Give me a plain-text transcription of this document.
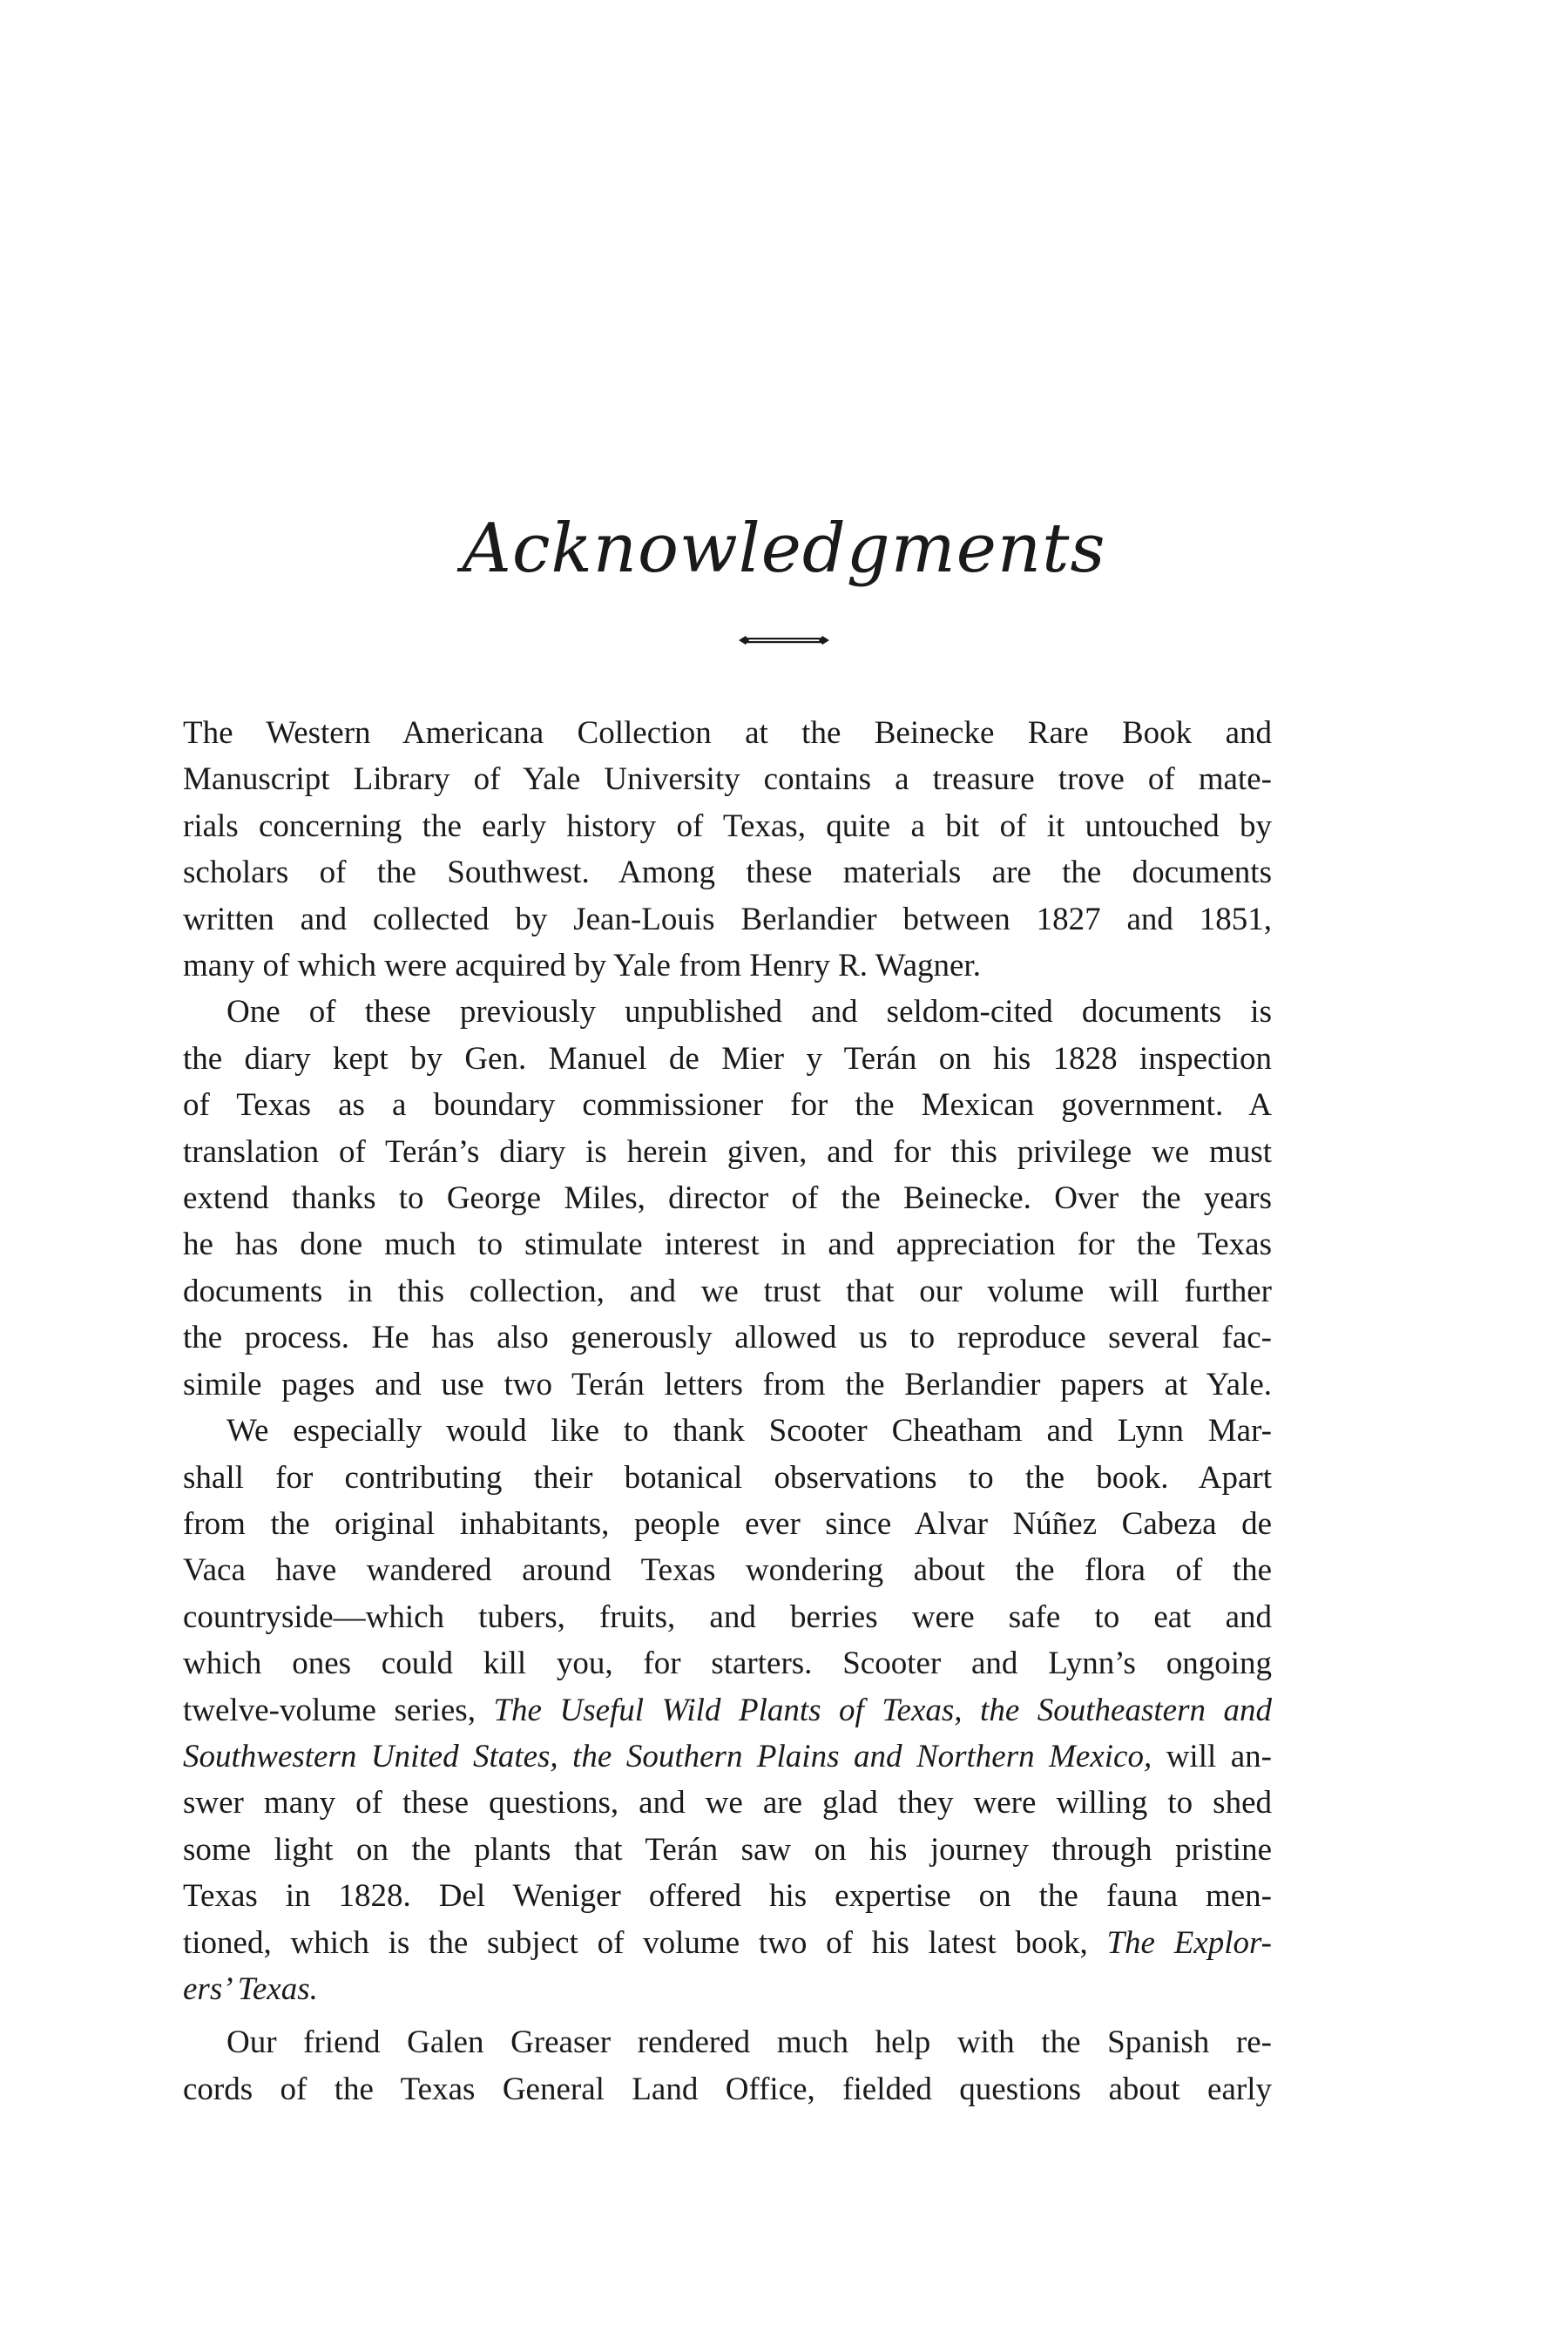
Acknowledgments
The Western Americana Collection at the Beinecke Rare Book and
Manuscript Library of Yale University contains a treasure trove of mate-
rials concerning the early history of Texas, quite a bit of it untouched by
scholars of the Southwest. Among these materials are the documents
written and collected by Jean-Louis Berlandier between 1827 and 1851,
many of which were acquired by Yale from Henry R. Wagner.
One of these previously unpublished and seldom-cited documents is
the diary kept by Gen. Manuel de Mier y Terán on his 1828 inspection
of Texas as a boundary commissioner for the Mexican government. A
translation of Terán’s diary is herein given, and for this privilege we must
extend thanks to George Miles, director of the Beinecke. Over the years
he has done much to stimulate interest in and appreciation for the Texas
documents in this collection, and we trust that our volume will further
the process. He has also generously allowed us to reproduce several fac-
simile pages and use two Terán letters from the Berlandier papers at Yale.
We especially would like to thank Scooter Cheatham and Lynn Mar-
shall for contributing their botanical observations to the book. Apart
from the original inhabitants, people ever since Alvar Núñez Cabeza de
Vaca have wandered around Texas wondering about the flora of the
countryside—which tubers, fruits, and berries were safe to eat and
which ones could kill you, for starters. Scooter and Lynn’s ongoing
twelve-volume series, The Useful Wild Plants of Texas, the Southeastern and
Southwestern United States, the Southern Plains and Northern Mexico, will an-
swer many of these questions, and we are glad they were willing to shed
some light on the plants that Terán saw on his journey through pristine
Texas in 1828. Del Weniger offered his expertise on the fauna men-
tioned, which is the subject of volume two of his latest book, The Explor-
ers’ Texas.
Our friend Galen Greaser rendered much help with the Spanish re-
cords of the Texas General Land Office, fielded questions about early
